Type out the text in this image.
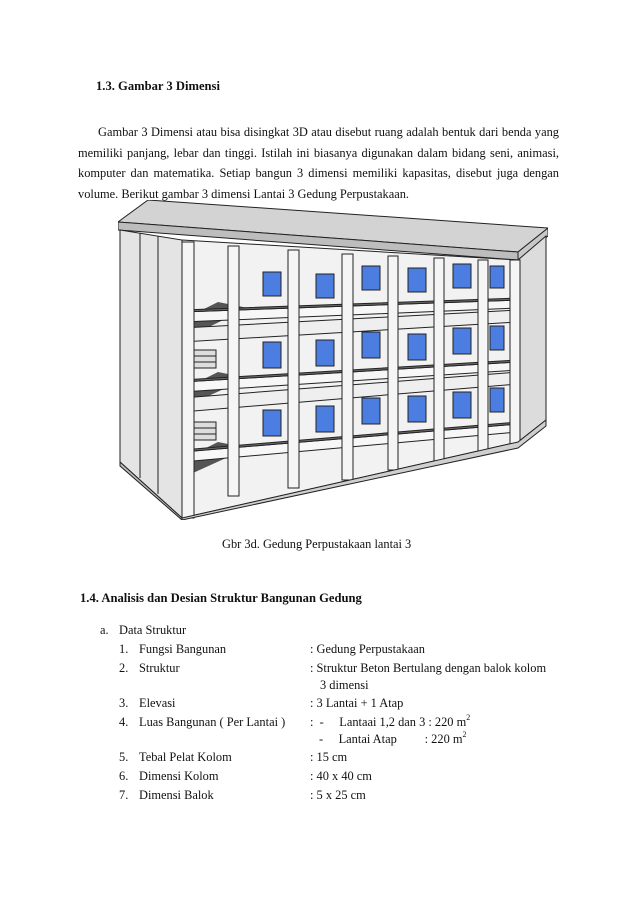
1.3. Gambar 3 Dimensi
Gambar 3 Dimensi atau bisa disingkat 3D atau disebut ruang adalah bentuk dari benda yang memiliki panjang, lebar dan tinggi. Istilah ini biasanya digunakan dalam bidang seni, animasi, komputer dan matematika. Setiap bangun 3 dimensi memiliki kapasitas, disebut juga dengan volume. Berikut gambar 3 dimensi Lantai 3 Gedung Perpustakaan.
Gbr 3d. Gedung Perpustakaan lantai 3
1.4. Analisis dan Desian Struktur Bangunan Gedung
a. Data Struktur
1. Fungsi Bangunan	: Gedung Perpustakaan
2. Struktur	: Struktur Beton Bertulang dengan balok kolom
3 dimensi
3. Elevasi	: 3 Lantai + 1 Atap
4. Luas Bangunan ( Per Lantai ) :  -     Lantaai 1,2 dan 3 : 220 $m^2$
-     Lantai Atap         : 220 $m^2$
5. Tebal Pelat Kolom	: 15 cm
6. Dimensi Kolom	: 40 x 40 cm
7. Dimensi Balok	: 5 x 25 cm
